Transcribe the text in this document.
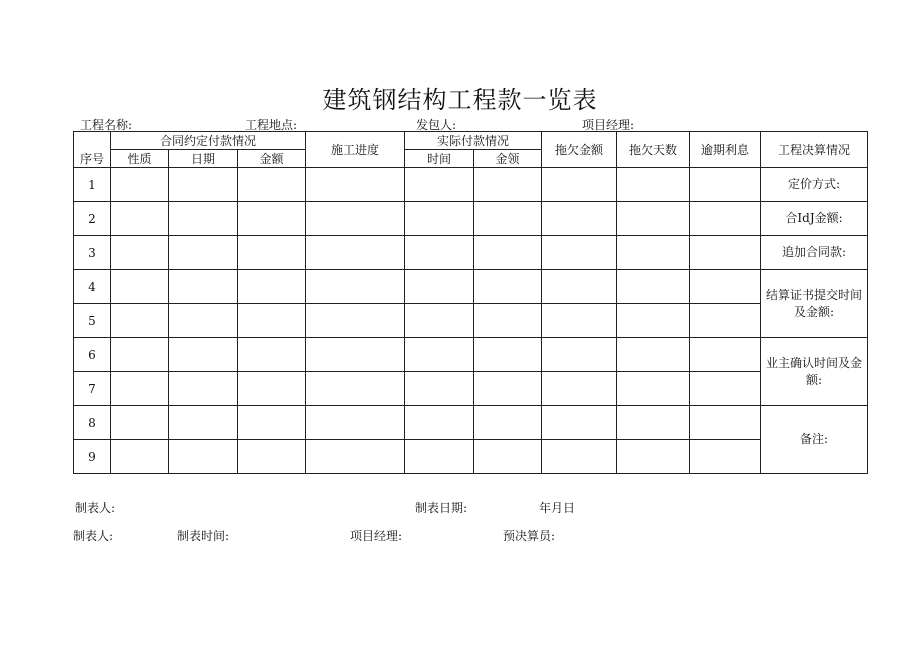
建筑钢结构工程款一览表
工程名称:	工程地点:	发包人:	项目经理:
序号	合同约定付款情况			施工进度	实际付款情况		拖欠金额	拖欠天数	逾期利息	工程决算情况
	性质	日期	金额		时间	金领				
1										定价方式:
2										合IdJ金额:
3										追加合同款:
4										结算证书提交时间及金额:
5										
6										业主确认时间及金额:
7										
8										备注:
9										
制表人:	制表日期:	年月日
制表人:	制表时间:	项目经理:	预决算员:
